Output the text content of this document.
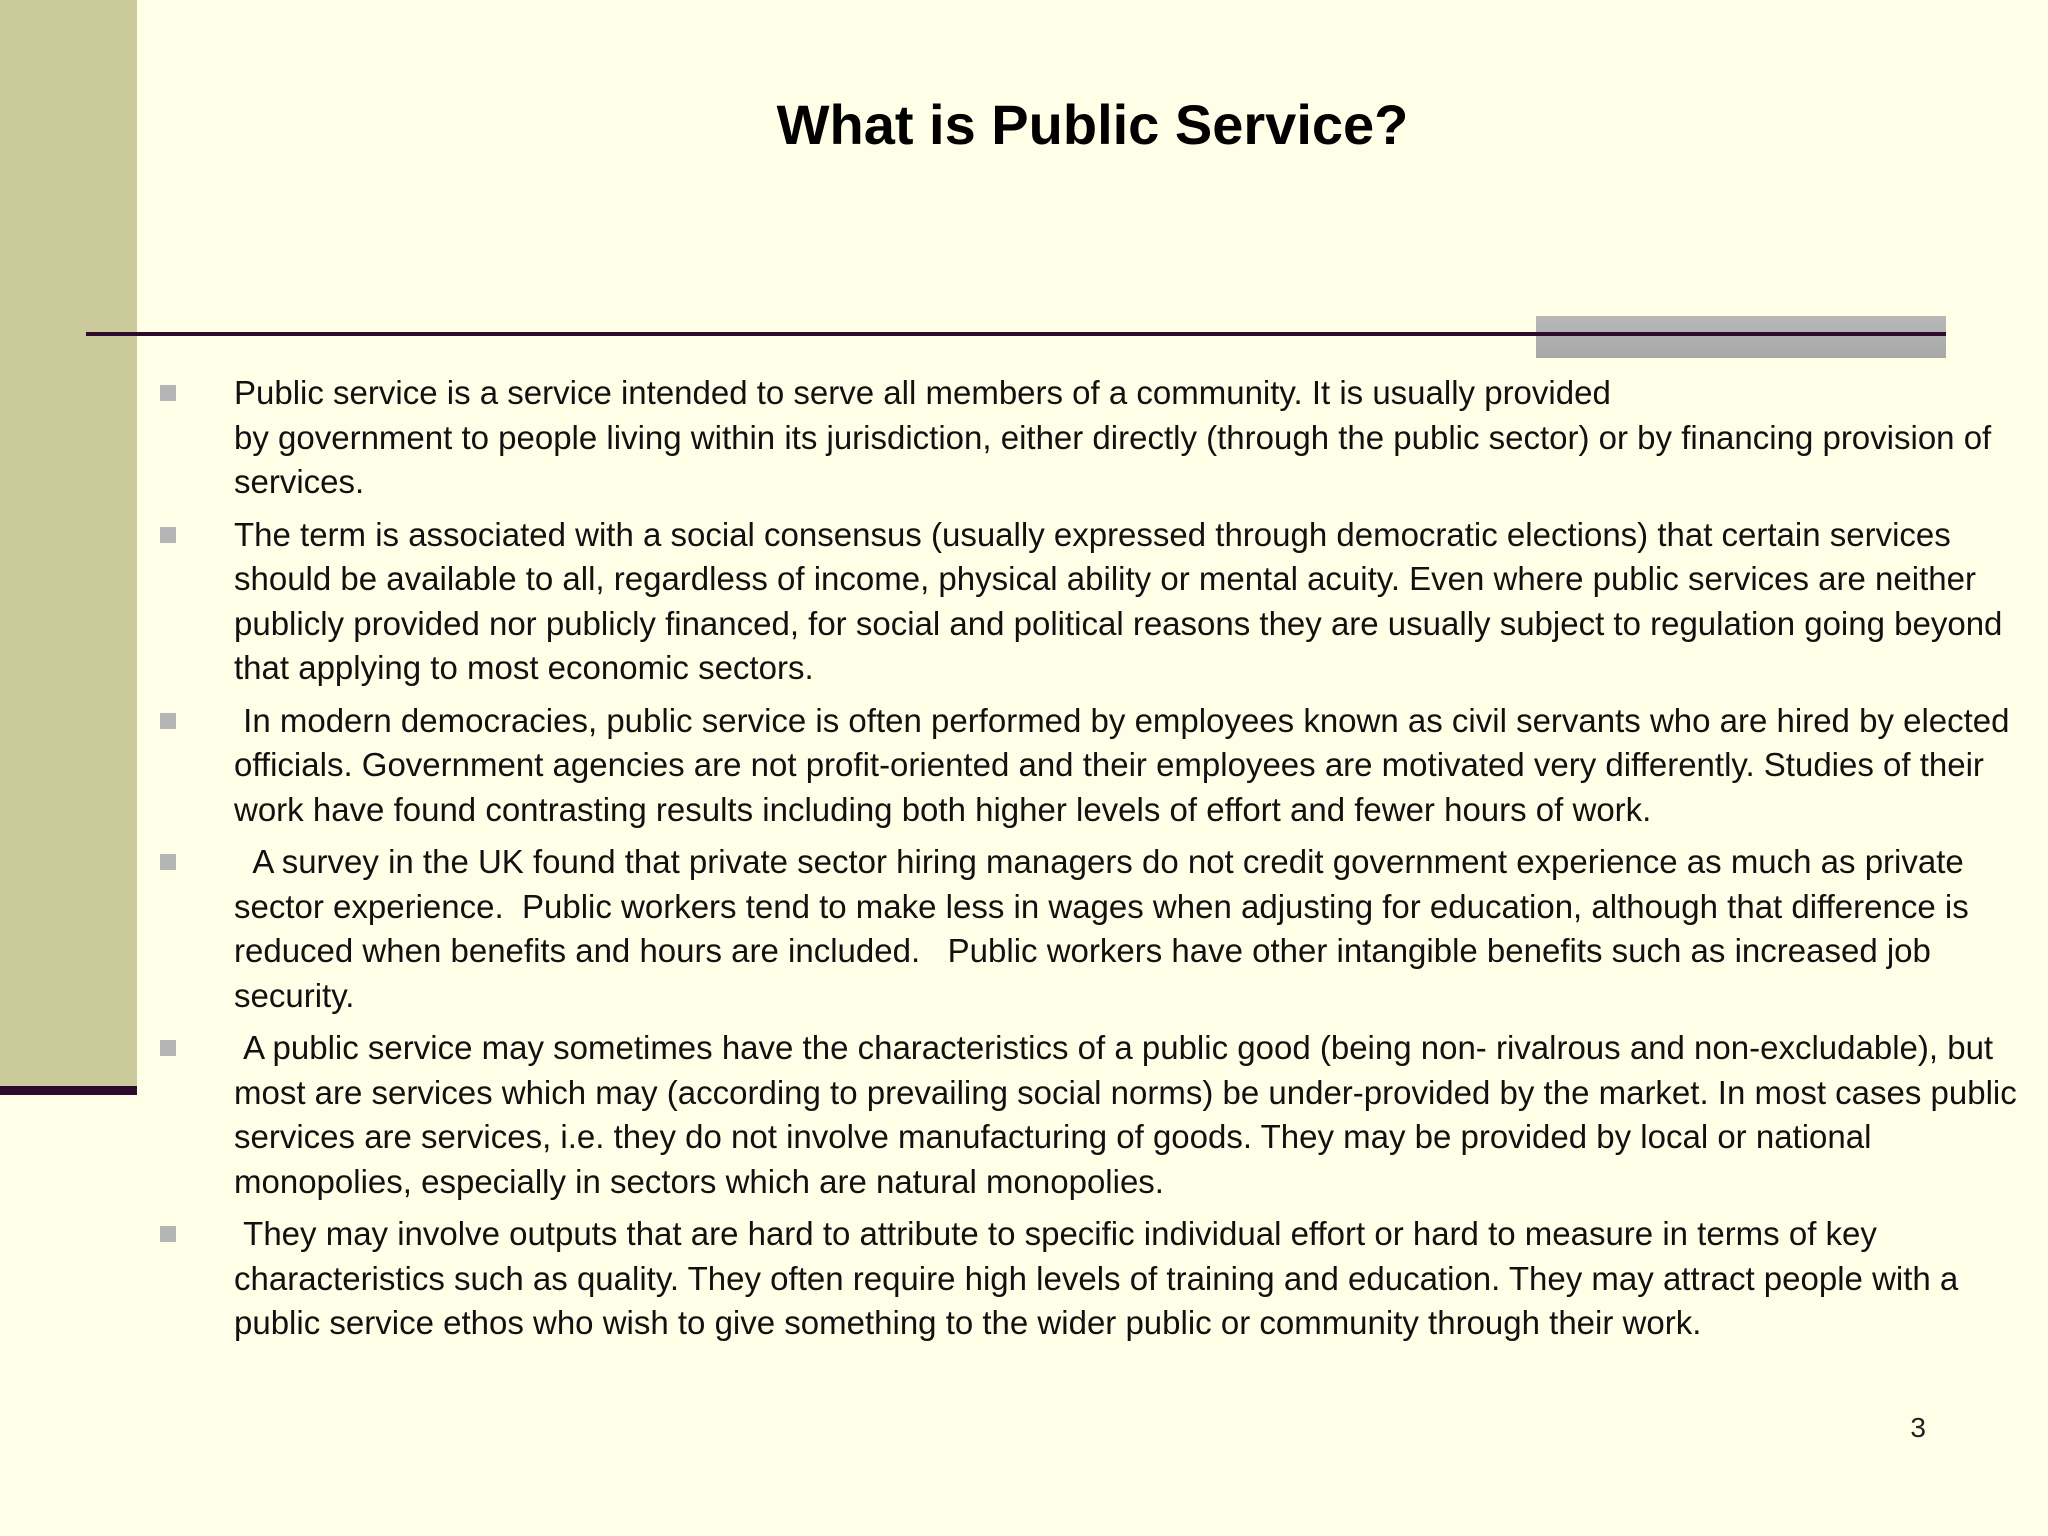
What is Public Service?
Public service is a service intended to serve all members of a community. It is usually provided
by government to people living within its jurisdiction, either directly (through the public sector) or by financing provision of services.
The term is associated with a social consensus (usually expressed through democratic elections) that certain services should be available to all, regardless of income, physical ability or mental acuity. Even where public services are neither publicly provided nor publicly financed, for social and political reasons they are usually subject to regulation going beyond that applying to most economic sectors.
In modern democracies, public service is often performed by employees known as civil servants who are hired by elected officials. Government agencies are not profit-oriented and their employees are motivated very differently. Studies of their work have found contrasting results including both higher levels of effort and fewer hours of work.
A survey in the UK found that private sector hiring managers do not credit government experience as much as private sector experience.  Public workers tend to make less in wages when adjusting for education, although that difference is reduced when benefits and hours are included.   Public workers have other intangible benefits such as increased job security.
A public service may sometimes have the characteristics of a public good (being non- rivalrous and non-excludable), but most are services which may (according to prevailing social norms) be under-provided by the market. In most cases public services are services, i.e. they do not involve manufacturing of goods. They may be provided by local or national monopolies, especially in sectors which are natural monopolies.
They may involve outputs that are hard to attribute to specific individual effort or hard to measure in terms of key characteristics such as quality. They often require high levels of training and education. They may attract people with a public service ethos who wish to give something to the wider public or community through their work.
3
